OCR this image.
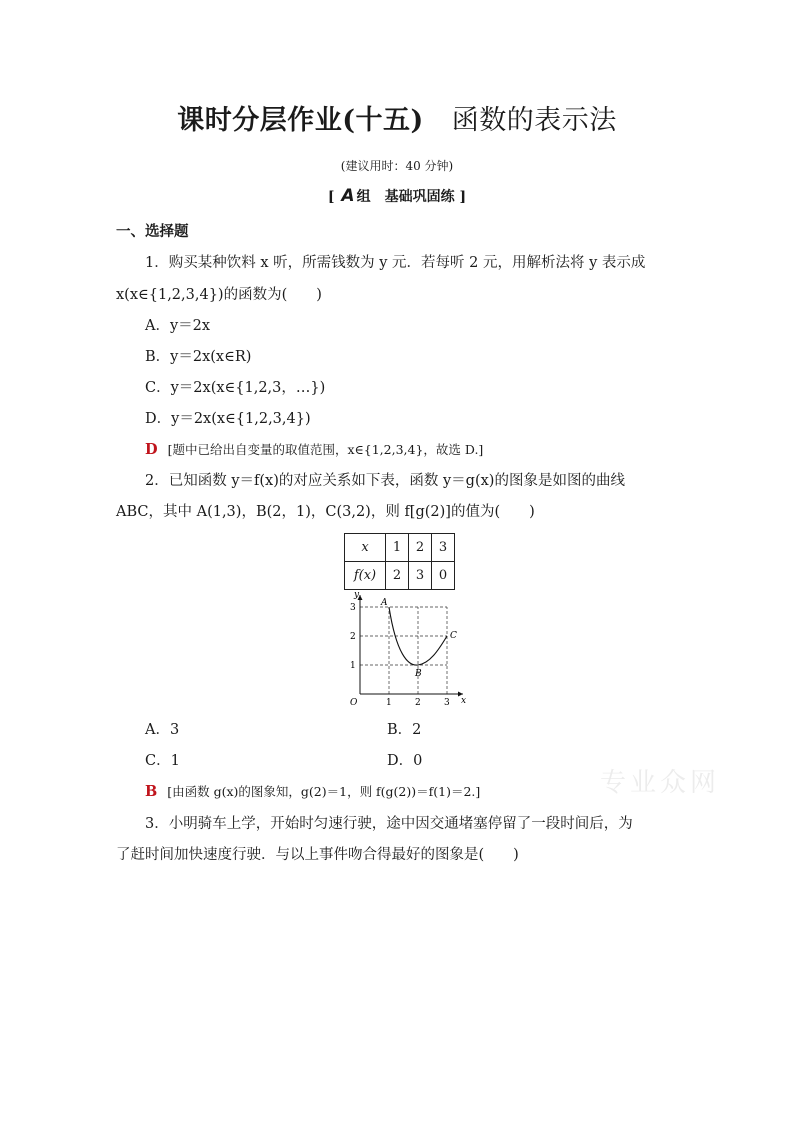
课时分层作业(十五) 函数的表示法
(建议用时：40 分钟)
[ A 组　基础巩固练 ]
一、选择题
1．购买某种饮料 x 听，所需钱数为 y 元．若每听 2 元，用解析法将 y 表示成
x(x∈{1,2,3,4})的函数为(　　)
A．y＝2x
B．y＝2x(x∈R)
C．y＝2x(x∈{1,2,3，…})
D．y＝2x(x∈{1,2,3,4})
D [题中已给出自变量的取值范围，x∈{1,2,3,4}，故选 D.]
2．已知函数 y＝f(x)的对应关系如下表，函数 y＝g(x)的图象是如图的曲线
ABC，其中 A(1,3)，B(2，1)，C(3,2)，则 f[g(2)]的值为(　　)
x	1	2	3
f(x)	2	3	0
1	2	3
1
2
3
O	x
y
A
B
C
A．3	B．2
C．1	D．0
B [由函数 g(x)的图象知，g(2)＝1，则 f(g(2))＝f(1)＝2.]	专业众网
3．小明骑车上学，开始时匀速行驶，途中因交通堵塞停留了一段时间后，为
了赶时间加快速度行驶．与以上事件吻合得最好的图象是(　　)
